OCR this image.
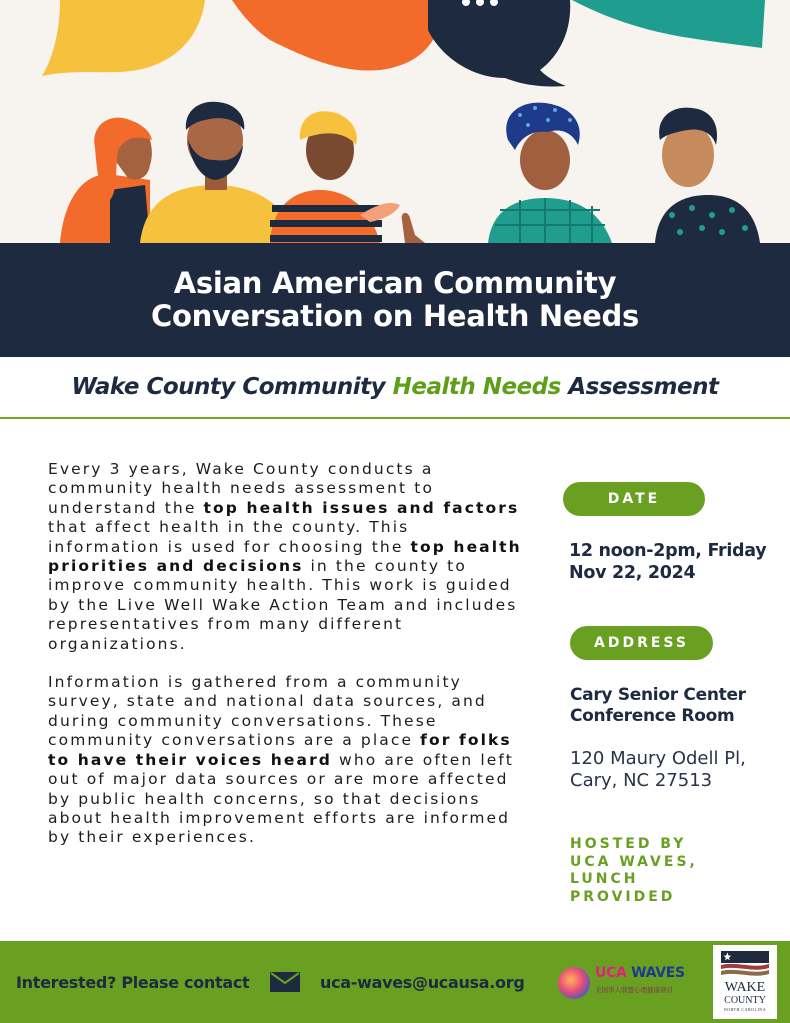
Asian American Community
Conversation on Health Needs
Wake County Community Health Needs Assessment

Every 3 years, Wake County conducts a community health needs assessment to understand the top health issues and factors that affect health in the county. This information is used for choosing the top health priorities and decisions in the county to improve community health. This work is guided by the Live Well Wake Action Team and includes representatives from many different organizations.

Information is gathered from a community survey, state and national data sources, and during community conversations. These community conversations are a place for folks to have their voices heard who are often left out of major data sources or are more affected by public health concerns, so that decisions about health improvement efforts are informed by their experiences.

DATE
12 noon-2pm, Friday
Nov 22, 2024
ADDRESS
Cary Senior Center
Conference Room
120 Maury Odell Pl,
Cary, NC 27513
HOSTED BY
UCA WAVES,
LUNCH
PROVIDED
Interested? Please contact	uca-waves@ucausa.org	UCA WAVES
美国华人联盟心理健康项目	WAKE
COUNTY
NORTH CAROLINA
